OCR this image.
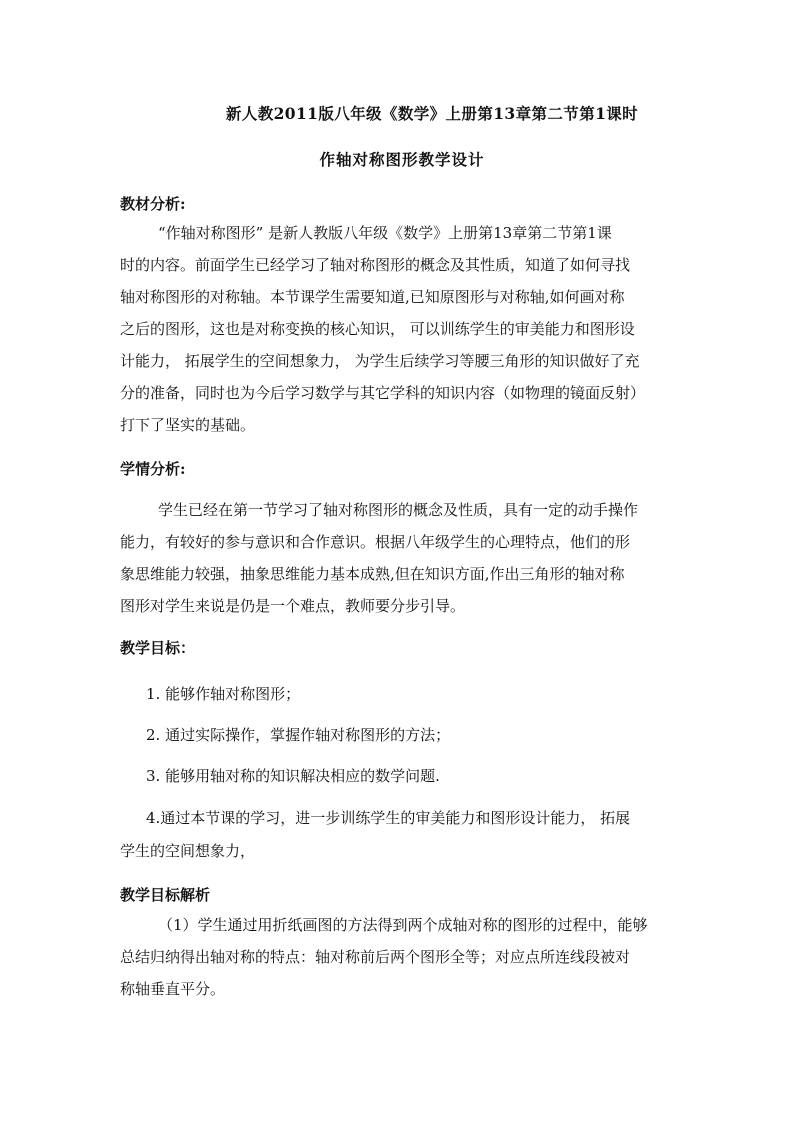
新人教2011版八年级《数学》上册第13章第二节第1课时
作轴对称图形教学设计
教材分析:
“作轴对称图形” 是新人教版八年级《数学》上册第13章第二节第1课
时的内容。前面学生已经学习了轴对称图形的概念及其性质，知道了如何寻找
轴对称图形的对称轴。本节课学生需要知道,已知原图形与对称轴,如何画对称
之后的图形，这也是对称变换的核心知识， 可以训练学生的审美能力和图形设
计能力， 拓展学生的空间想象力， 为学生后续学习等腰三角形的知识做好了充
分的准备，同时也为今后学习数学与其它学科的知识内容（如物理的镜面反射）
打下了坚实的基础。
学情分析:
学生已经在第一节学习了轴对称图形的概念及性质，具有一定的动手操作
能力，有较好的参与意识和合作意识。根据八年级学生的心理特点，他们的形
象思维能力较强，抽象思维能力基本成熟,但在知识方面,作出三角形的轴对称
图形对学生来说是仍是一个难点，教师要分步引导。
教学目标：
1. 能够作轴对称图形；
2. 通过实际操作，掌握作轴对称图形的方法；
3. 能够用轴对称的知识解决相应的数学问题.
4.通过本节课的学习，进一步训练学生的审美能力和图形设计能力， 拓展
学生的空间想象力，
教学目标解析
（1）学生通过用折纸画图的方法得到两个成轴对称的图形的过程中，能够
总结归纳得出轴对称的特点：轴对称前后两个图形全等；对应点所连线段被对
称轴垂直平分。
